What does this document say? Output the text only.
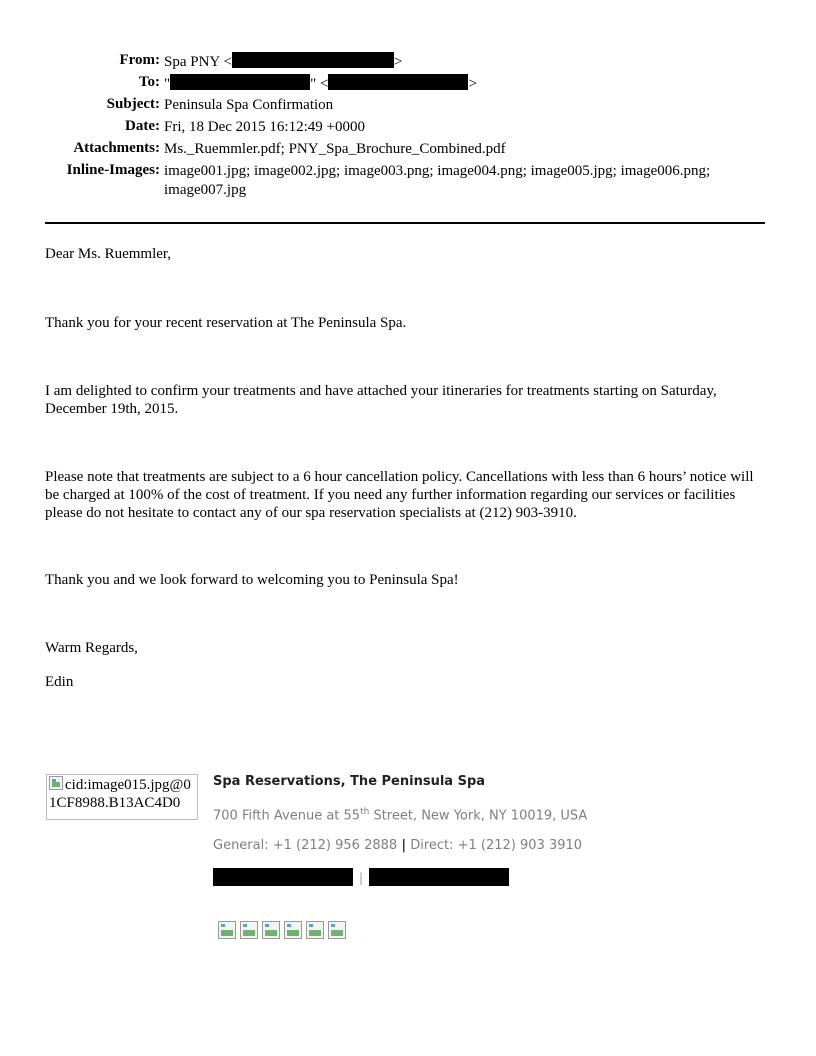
From: Spa PNY <	>
To: "	" <	>
Subject: Peninsula Spa Confirmation
Date: Fri, 18 Dec 2015 16:12:49 +0000
Attachments: Ms._Ruemmler.pdf; PNY_Spa_Brochure_Combined.pdf
Inline-Images: image001.jpg; image002.jpg; image003.png; image004.png; image005.jpg; image006.png; image007.jpg
Dear Ms. Ruemmler,
Thank you for your recent reservation at The Peninsula Spa.
I am delighted to confirm your treatments and have attached your itineraries for treatments starting on Saturday, December 19th, 2015.
Please note that treatments are subject to a 6 hour cancellation policy. Cancellations with less than 6 hours’ notice will be charged at 100% of the cost of treatment. If you need any further information regarding our services or facilities please do not hesitate to contact any of our spa reservation specialists at (212) 903-3910.
Thank you and we look forward to welcoming you to Peninsula Spa!
Warm Regards,
Edin
cid:image015.jpg@01CF8988.B13AC4D0
Spa Reservations, The Peninsula Spa
700 Fifth Avenue at 55th Street, New York, NY 10019, USA
General: +1 (212) 956 2888 | Direct: +1 (212) 903 3910
|
